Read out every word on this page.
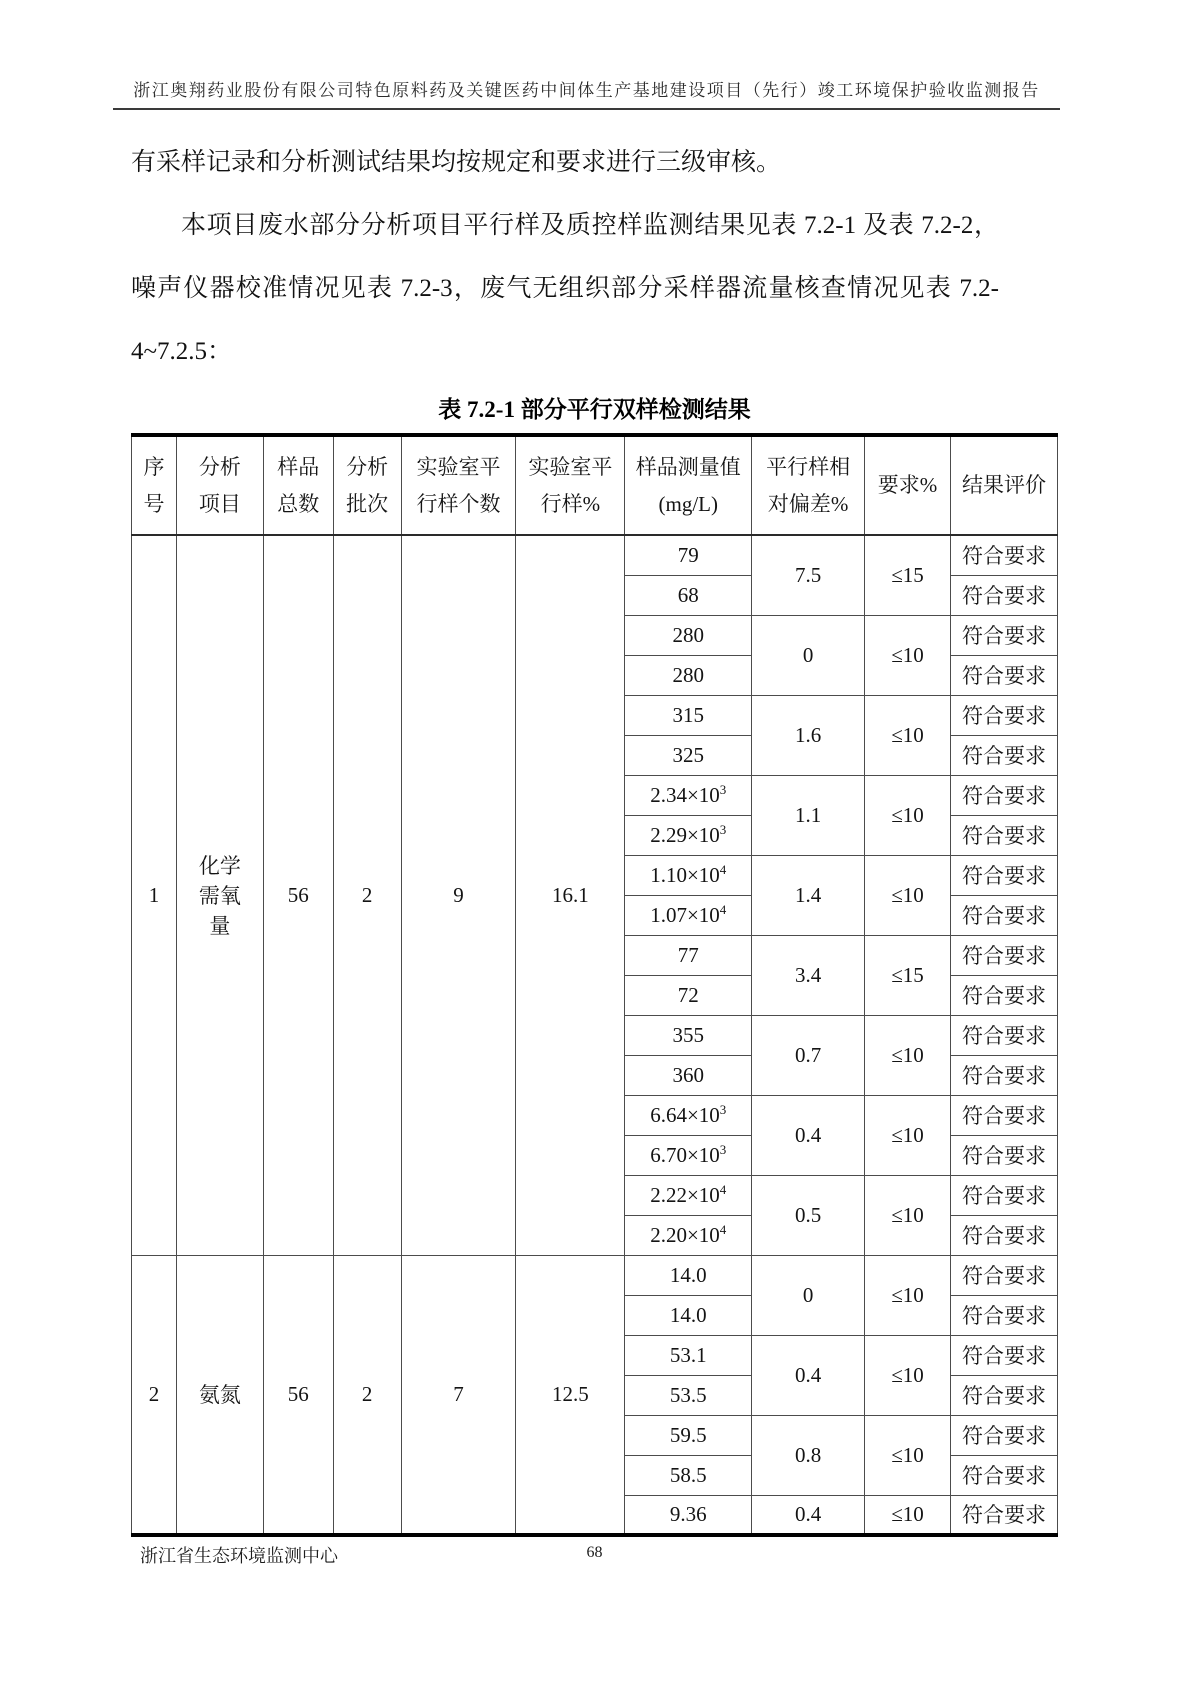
浙江奥翔药业股份有限公司特色原料药及关键医药中间体生产基地建设项目（先行）竣工环境保护验收监测报告

有采样记录和分析测试结果均按规定和要求进行三级审核。

本项目废水部分分析项目平行样及质控样监测结果见表 7.2-1 及表 7.2-2，噪声仪器校准情况见表 7.2-3，废气无组织部分采样器流量核查情况见表 7.2-4~7.2.5：

表 7.2-1 部分平行双样检测结果
序
号	分析
项目	样品
总数	分析
批次	实验室平
行样个数	实验室平
行样%	样品测量值
(mg/L)	平行样相
对偏差%	要求%	结果评价
1	化学
需氧
量	56	2	9	16.1	79	7.5	≤15	符合要求
						68			符合要求
						280	0	≤10	符合要求
						280			符合要求
						315	1.6	≤10	符合要求
						325			符合要求
						$2.34\times 10^3$	1.1	≤10	符合要求
						$2.29\times 10^3$			符合要求
						$1.10\times 10^4$	1.4	≤10	符合要求
						$1.07\times 10^4$			符合要求
						77	3.4	≤15	符合要求
						72			符合要求
						355	0.7	≤10	符合要求
						360			符合要求
						$6.64\times 10^3$	0.4	≤10	符合要求
						$6.70\times 10^3$			符合要求
						$2.22\times 10^4$	0.5	≤10	符合要求
						$2.20\times 10^4$			符合要求
2	氨氮	56	2	7	12.5	14.0	0	≤10	符合要求
						14.0			符合要求
						53.1	0.4	≤10	符合要求
						53.5			符合要求
						59.5	0.8	≤10	符合要求
						58.5			符合要求
						9.36	0.4	≤10	符合要求
浙江省生态环境监测中心	68
